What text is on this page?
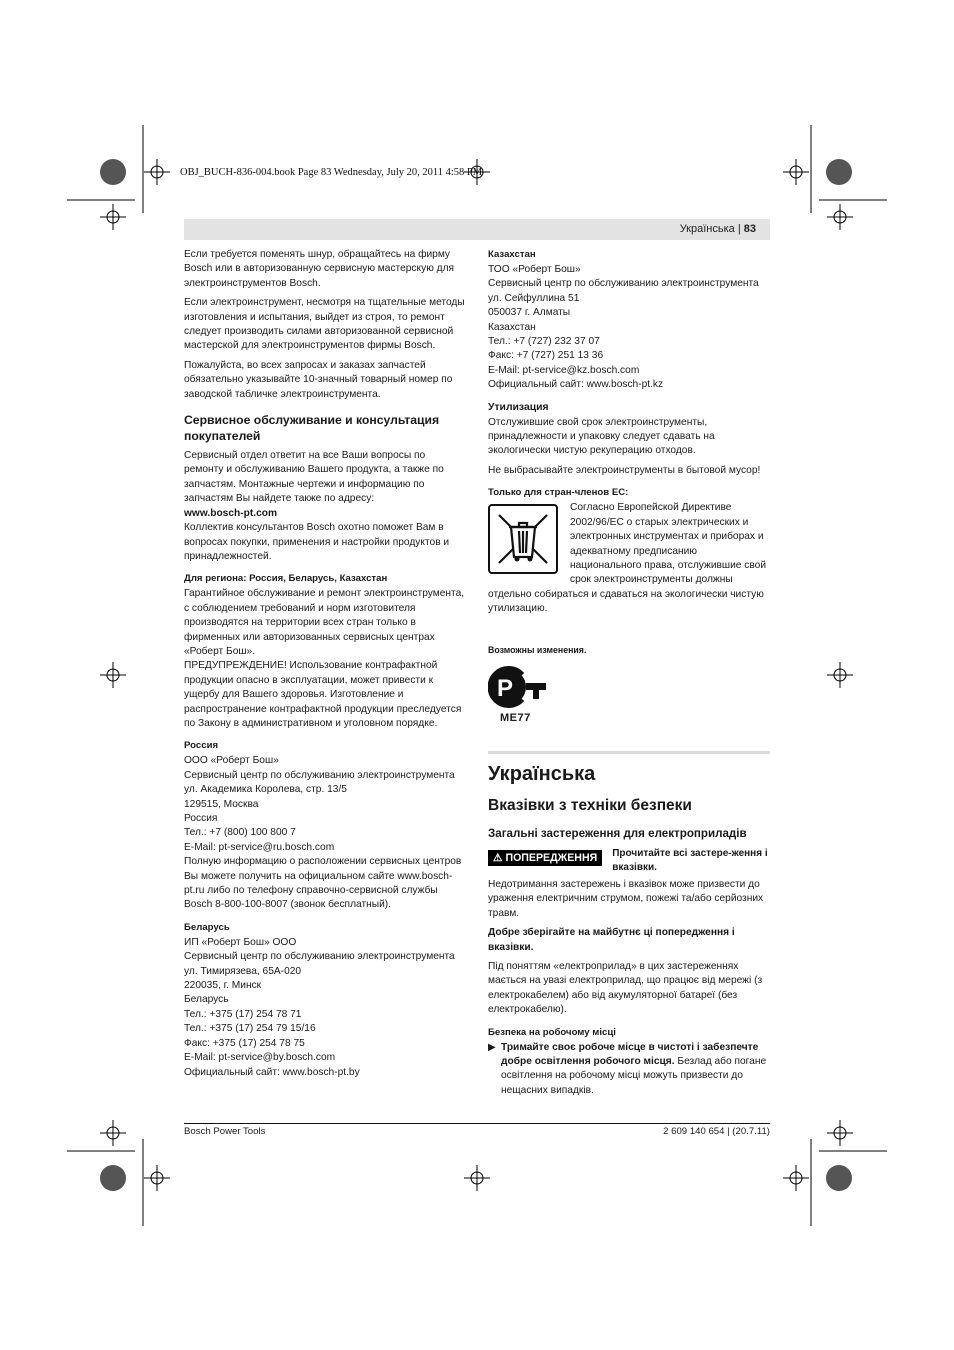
OBJ_BUCH-836-004.book Page 83 Wednesday, July 20, 2011 4:58 PM
Українська | 83

Если требуется поменять шнур, обращайтесь на фирму Bosch или в авторизованную сервисную мастерскую для электроинструментов Bosch.

Если электроинструмент, несмотря на тщательные методы изготовления и испытания, выйдет из строя, то ремонт следует производить силами авторизованной сервисной мастерской для электроинструментов фирмы Bosch.

Пожалуйста, во всех запросах и заказах запчастей обязательно указывайте 10-значный товарный номер по заводской табличке электроинструмента.

Сервисное обслуживание и консультация покупателей

Сервисный отдел ответит на все Ваши вопросы по ремонту и обслуживанию Вашего продукта, а также по запчастям. Монтажные чертежи и информацию по запчастям Вы найдете также по адресу:

www.bosch-pt.com

Коллектив консультантов Bosch охотно поможет Вам в вопросах покупки, применения и настройки продуктов и принадлежностей.

Для региона: Россия, Беларусь, Казахстан

Гарантийное обслуживание и ремонт электроинструмента, с соблюдением требований и норм изготовителя производятся на территории всех стран только в фирменных или авторизованных сервисных центрах «Роберт Бош».

ПРЕДУПРЕЖДЕНИЕ! Использование контрафактной продукции опасно в эксплуатации, может привести к ущербу для Вашего здоровья. Изготовление и распространение контрафактной продукции преследуется по Закону в административном и уголовном порядке.

Россия
ООО «Роберт Бош»
Сервисный центр по обслуживанию электроинструмента
ул. Академика Королева, стр. 13/5
129515, Москва
Россия
Тел.: +7 (800) 100 800 7
E-Mail: pt-service@ru.bosch.com
Полную информацию о расположении сервисных центров Вы можете получить на официальном сайте www.bosch-pt.ru либо по телефону справочно-сервисной службы Bosch 8-800-100-8007 (звонок бесплатный).
Беларусь
ИП «Роберт Бош» ООО
Сервисный центр по обслуживанию электроинструмента
ул. Тимирязева, 65А-020
220035, г. Минск
Беларусь
Тел.: +375 (17) 254 78 71
Тел.: +375 (17) 254 79 15/16
Факс: +375 (17) 254 78 75
E-Mail: pt-service@by.bosch.com
Официальный сайт: www.bosch-pt.by
Казахстан
ТОО «Роберт Бош»
Сервисный центр по обслуживанию электроинструмента
ул. Сейфуллина 51
050037 г. Алматы
Казахстан
Тел.: +7 (727) 232 37 07
Факс: +7 (727) 251 13 36
E-Mail: pt-service@kz.bosch.com
Официальный сайт: www.bosch-pt.kz
Утилизация

Отслужившие свой срок электроинструменты, принадлежности и упаковку следует сдавать на экологически чистую рекуперацию отходов.

Не выбрасывайте электроинструменты в бытовой мусор!

Только для стран-членов ЕС:
Согласно Европейской Директиве 2002/96/ЕС о старых электрических и электронных инструментах и приборах и адекватному предписанию национального права, отслужившие свой срок электроинструменты должны

отдельно собираться и сдаваться на экологически чистую утилизацию.

Возможны изменения.
P
ME77
Українська
Вказівки з техніки безпеки
Загальні застереження для електроприладів
⚠ ПОПЕРЕДЖЕННЯ	Прочитайте всі застере-ження і вказівки.

Недотримання застережень і вказівок може призвести до ураження електричним струмом, пожежі та/або серйозних травм.

Добре зберігайте на майбутнє ці попередження і вказівки.

Під поняттям «електроприлад» в цих застереженнях мається на увазі електроприлад, що працює від мережі (з електрокабелем) або від акумуляторної батареї (без електрокабелю).

Безпека на робочому місці
▶ Тримайте своє робоче місце в чистоті і забезпечте добре освітлення робочого місця. Безлад або погане освітлення на робочому місці можуть призвести до нещасних випадків.
Bosch Power Tools	2 609 140 654 | (20.7.11)
